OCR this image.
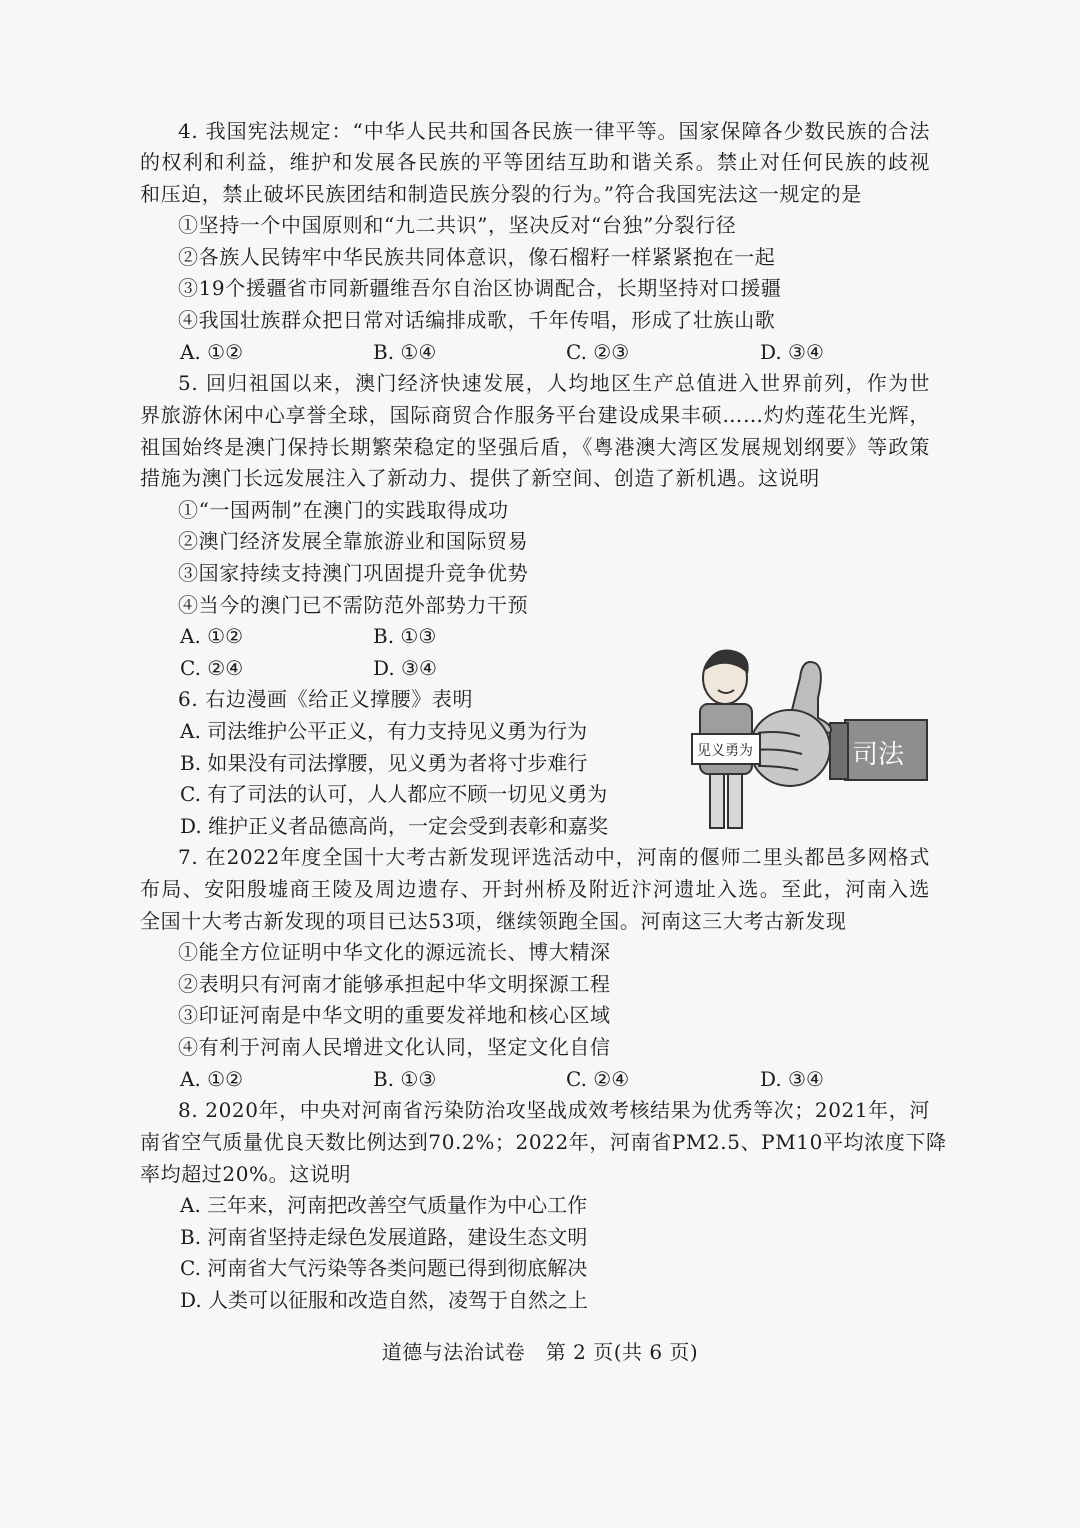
4. 我国宪法规定：“中华人民共和国各民族一律平等。国家保障各少数民族的合法
的权利和利益，维护和发展各民族的平等团结互助和谐关系。禁止对任何民族的歧视
和压迫，禁止破坏民族团结和制造民族分裂的行为。”符合我国宪法这一规定的是
①坚持一个中国原则和“九二共识”，坚决反对“台独”分裂行径
②各族人民铸牢中华民族共同体意识，像石榴籽一样紧紧抱在一起
③19个援疆省市同新疆维吾尔自治区协调配合，长期坚持对口援疆
④我国壮族群众把日常对话编排成歌，千年传唱，形成了壮族山歌
A. ①②	B. ①④	C. ②③	D. ③④
5. 回归祖国以来，澳门经济快速发展，人均地区生产总值进入世界前列，作为世
界旅游休闲中心享誉全球，国际商贸合作服务平台建设成果丰硕……灼灼莲花生光辉，
祖国始终是澳门保持长期繁荣稳定的坚强后盾，《粤港澳大湾区发展规划纲要》等政策
措施为澳门长远发展注入了新动力、提供了新空间、创造了新机遇。这说明
①“一国两制”在澳门的实践取得成功
②澳门经济发展全靠旅游业和国际贸易
③国家持续支持澳门巩固提升竞争优势
④当今的澳门已不需防范外部势力干预
A. ①②	B. ①③
C. ②④	D. ③④
6. 右边漫画《给正义撑腰》表明
A. 司法维护公平正义，有力支持见义勇为行为
B. 如果没有司法撑腰，见义勇为者将寸步难行
C. 有了司法的认可，人人都应不顾一切见义勇为
D. 维护正义者品德高尚，一定会受到表彰和嘉奖
司法
见义勇为
7. 在2022年度全国十大考古新发现评选活动中，河南的偃师二里头都邑多网格式
布局、安阳殷墟商王陵及周边遗存、开封州桥及附近汴河遗址入选。至此，河南入选
全国十大考古新发现的项目已达53项，继续领跑全国。河南这三大考古新发现
①能全方位证明中华文化的源远流长、博大精深
②表明只有河南才能够承担起中华文明探源工程
③印证河南是中华文明的重要发祥地和核心区域
④有利于河南人民增进文化认同，坚定文化自信
A. ①②	B. ①③	C. ②④	D. ③④
8. 2020年，中央对河南省污染防治攻坚战成效考核结果为优秀等次；2021年，河
南省空气质量优良天数比例达到70.2%；2022年，河南省PM2.5、PM10平均浓度下降
率均超过20%。这说明
A. 三年来，河南把改善空气质量作为中心工作
B. 河南省坚持走绿色发展道路，建设生态文明
C. 河南省大气污染等各类问题已得到彻底解决
D. 人类可以征服和改造自然，凌驾于自然之上
道德与法治试卷　第 2 页(共 6 页)
